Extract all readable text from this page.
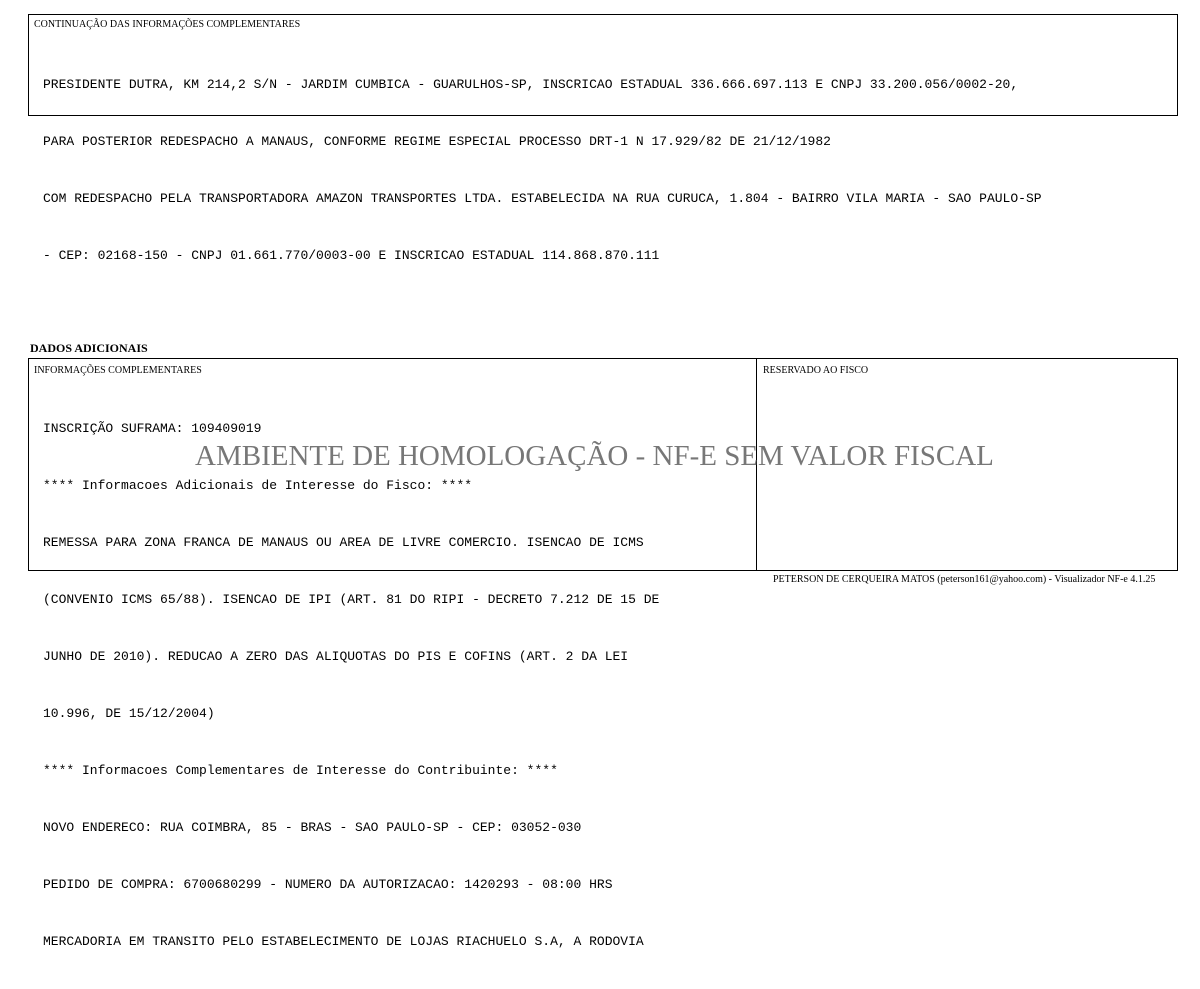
CONTINUAÇÃO DAS INFORMAÇÕES COMPLEMENTARES

PRESIDENTE DUTRA, KM 214,2 S/N - JARDIM CUMBICA - GUARULHOS-SP, INSCRICAO ESTADUAL 336.666.697.113 E CNPJ 33.200.056/0002-20,

PARA POSTERIOR REDESPACHO A MANAUS, CONFORME REGIME ESPECIAL PROCESSO DRT-1 N 17.929/82 DE 21/12/1982

COM REDESPACHO PELA TRANSPORTADORA AMAZON TRANSPORTES LTDA. ESTABELECIDA NA RUA CURUCA, 1.804 - BAIRRO VILA MARIA - SAO PAULO-SP

- CEP: 02168-150 - CNPJ 01.661.770/0003-00 E INSCRICAO ESTADUAL 114.868.870.111

DADOS ADICIONAIS
INFORMAÇÕES COMPLEMENTARES

INSCRIÇÃO SUFRAMA: 109409019

**** Informacoes Adicionais de Interesse do Fisco: ****

REMESSA PARA ZONA FRANCA DE MANAUS OU AREA DE LIVRE COMERCIO. ISENCAO DE ICMS

(CONVENIO ICMS 65/88). ISENCAO DE IPI (ART. 81 DO RIPI - DECRETO 7.212 DE 15 DE

JUNHO DE 2010). REDUCAO A ZERO DAS ALIQUOTAS DO PIS E COFINS (ART. 2 DA LEI

10.996, DE 15/12/2004)

**** Informacoes Complementares de Interesse do Contribuinte: ****

NOVO ENDERECO: RUA COIMBRA, 85 - BRAS - SAO PAULO-SP - CEP: 03052-030

PEDIDO DE COMPRA: 6700680299 - NUMERO DA AUTORIZACAO: 1420293 - 08:00 HRS

MERCADORIA EM TRANSITO PELO ESTABELECIMENTO DE LOJAS RIACHUELO S.A, A RODOVIA

RESERVADO AO FISCO
AMBIENTE DE HOMOLOGAÇÃO - NF-E SEM VALOR FISCAL
PETERSON DE CERQUEIRA MATOS (peterson161@yahoo.com) - Visualizador NF-e 4.1.25
